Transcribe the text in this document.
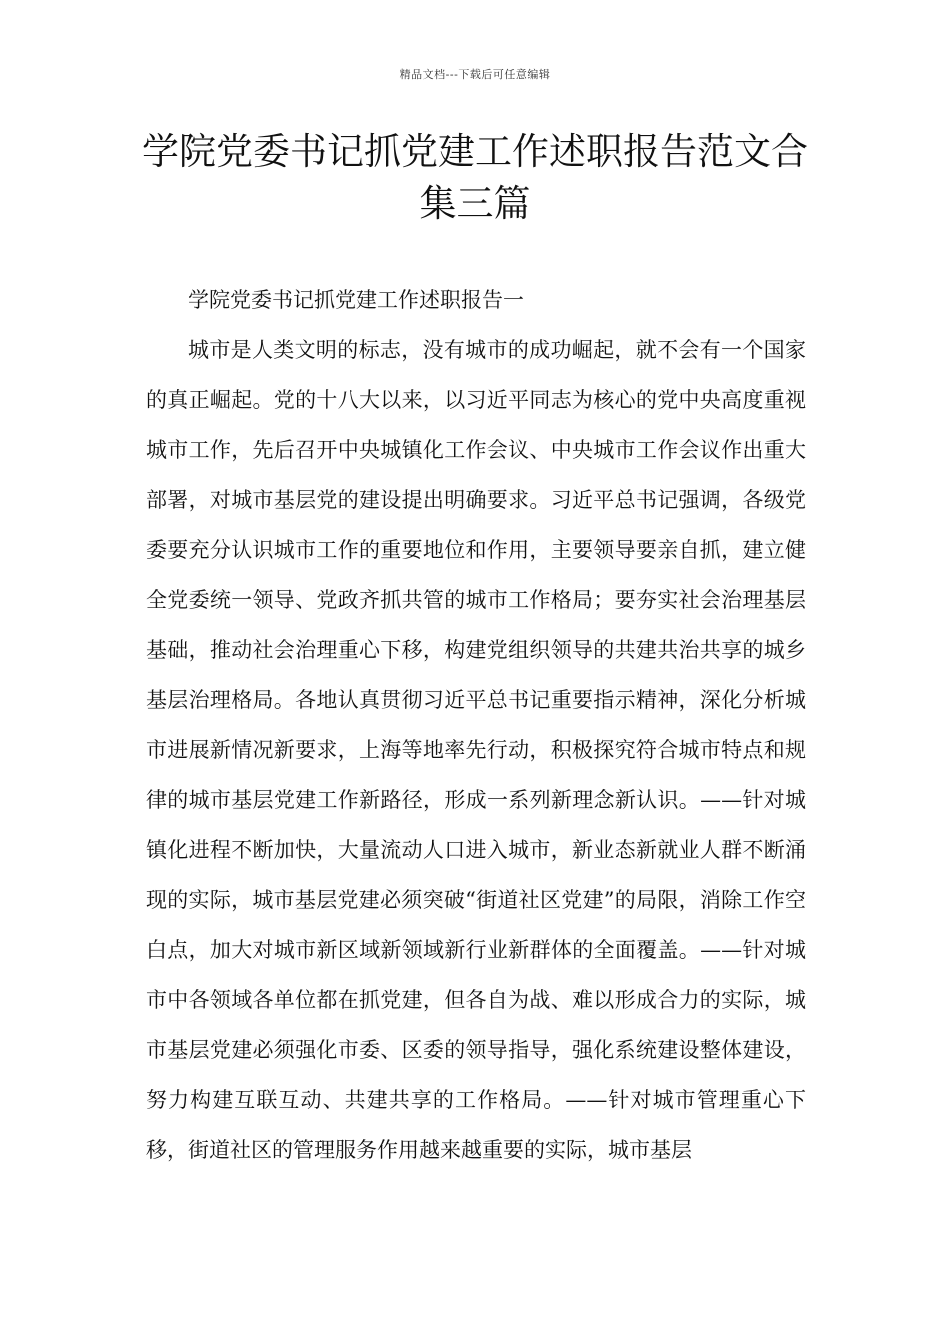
精品文档---下载后可任意编辑
学院党委书记抓党建工作述职报告范文合集三篇

学院党委书记抓党建工作述职报告一

城市是人类文明的标志，没有城市的成功崛起，就不会有一个国家的真正崛起。党的十八大以来，以习近平同志为核心的党中央高度重视城市工作，先后召开中央城镇化工作会议、中央城市工作会议作出重大部署，对城市基层党的建设提出明确要求。习近平总书记强调，各级党委要充分认识城市工作的重要地位和作用，主要领导要亲自抓，建立健全党委统一领导、党政齐抓共管的城市工作格局；要夯实社会治理基层基础，推动社会治理重心下移，构建党组织领导的共建共治共享的城乡基层治理格局。各地认真贯彻习近平总书记重要指示精神，深化分析城市进展新情况新要求，上海等地率先行动，积极探究符合城市特点和规律的城市基层党建工作新路径，形成一系列新理念新认识。——针对城镇化进程不断加快，大量流动人口进入城市，新业态新就业人群不断涌现的实际，城市基层党建必须突破“街道社区党建”的局限，消除工作空白点，加大对城市新区域新领域新行业新群体的全面覆盖。——针对城市中各领域各单位都在抓党建，但各自为战、难以形成合力的实际，城市基层党建必须强化市委、区委的领导指导，强化系统建设整体建设，努力构建互联互动、共建共享的工作格局。——针对城市管理重心下移，街道社区的管理服务作用越来越重要的实际，城市基层
